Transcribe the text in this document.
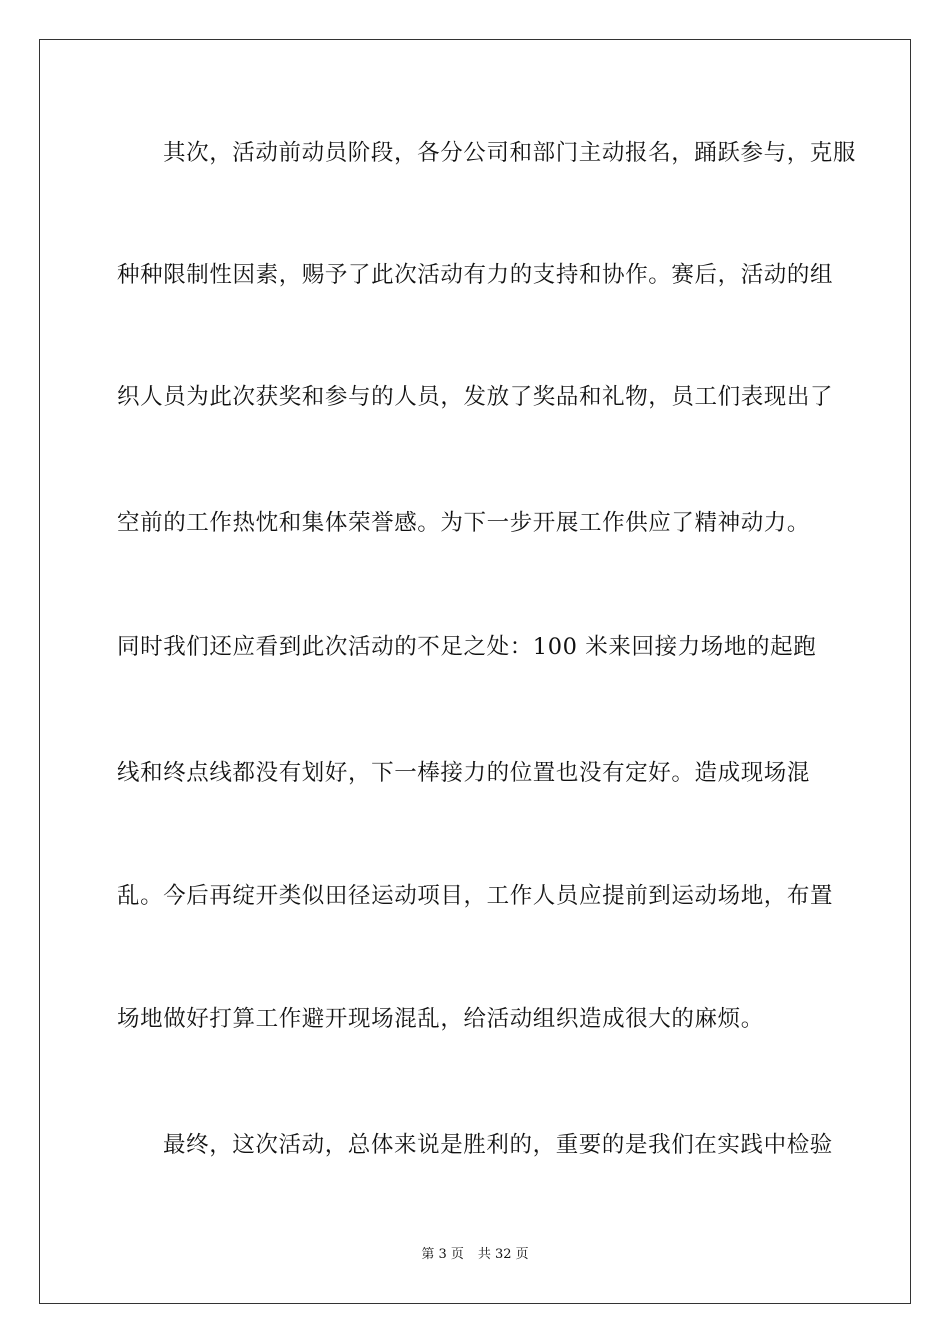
其次，活动前动员阶段，各分公司和部门主动报名，踊跃参与，克服
种种限制性因素，赐予了此次活动有力的支持和协作。赛后，活动的组
织人员为此次获奖和参与的人员，发放了奖品和礼物，员工们表现出了
空前的工作热忱和集体荣誉感。为下一步开展工作供应了精神动力。
同时我们还应看到此次活动的不足之处：100 米来回接力场地的起跑
线和终点线都没有划好，下一棒接力的位置也没有定好。造成现场混
乱。今后再绽开类似田径运动项目，工作人员应提前到运动场地，布置
场地做好打算工作避开现场混乱，给活动组织造成很大的麻烦。
最终，这次活动，总体来说是胜利的，重要的是我们在实践中检验
第 3 页 共 32 页
